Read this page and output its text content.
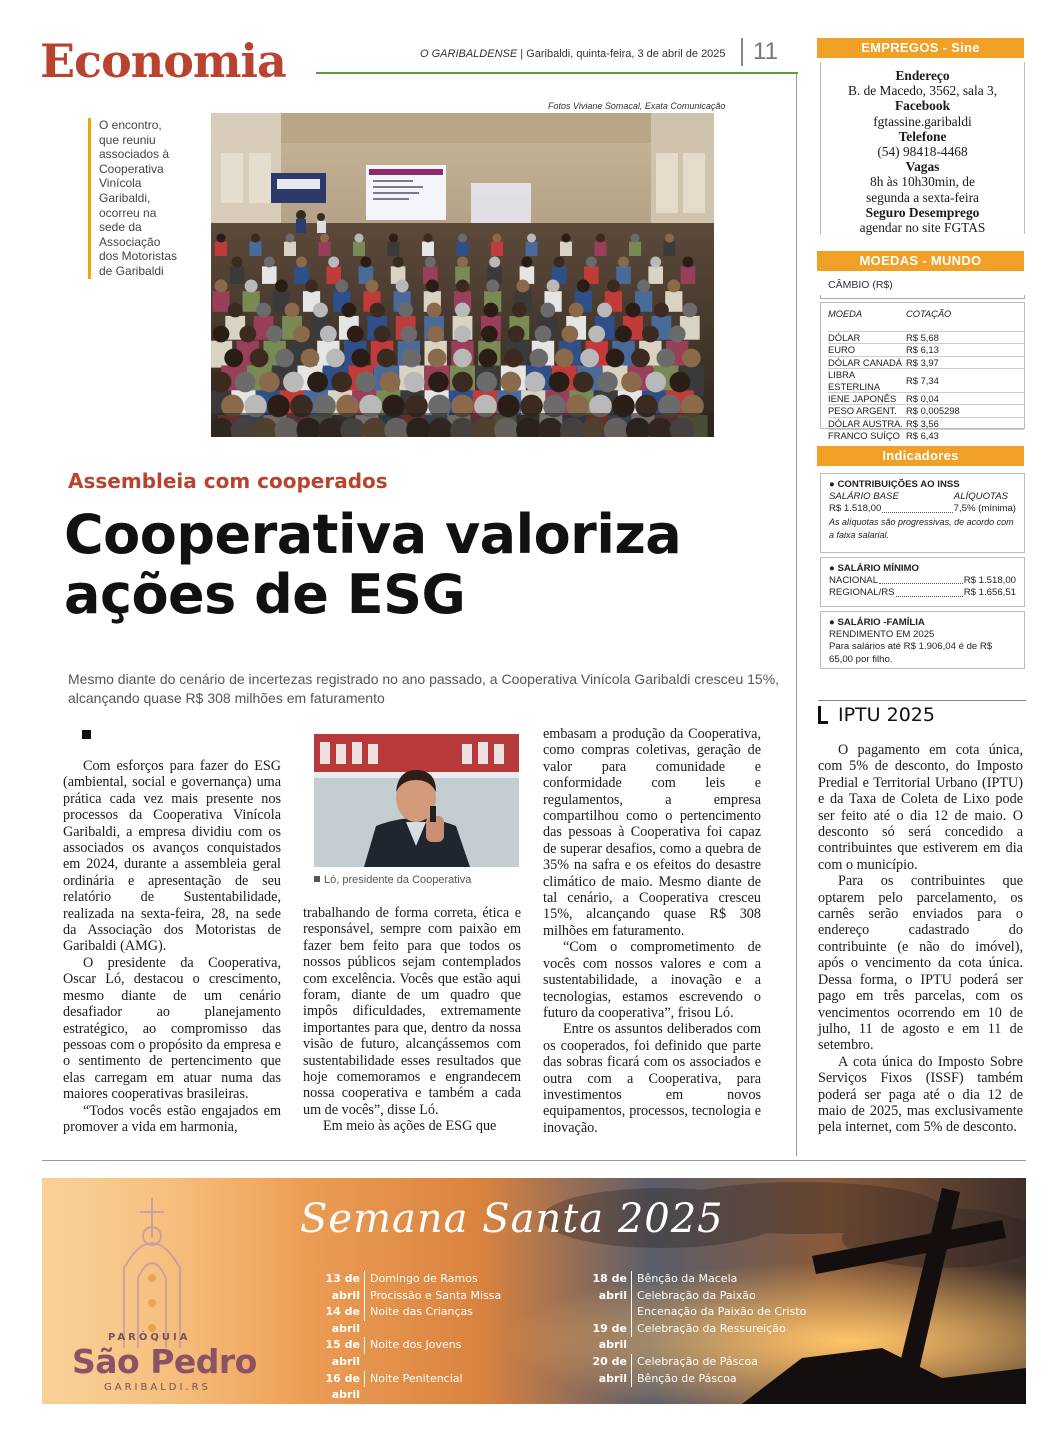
Economia	O GARIBALDENSE | Garibaldi, quinta-feira, 3 de abril de 2025	11
O encontro, que reuniu associados à Cooperativa Vinícola Garibaldi, ocorreu na sede da Associação dos Motoristas de Garibaldi
Fotos Viviane Somacal, Exata Comunicação
Assembleia com cooperados
Cooperativa valoriza
ações de ESG
Mesmo diante do cenário de incertezas registrado no ano passado, a Cooperativa Vinícola Garibaldi cresceu 15%, alcançando quase R$ 308 milhões em faturamento

Com esforços para fazer do ESG (ambiental, social e governança) uma prática cada vez mais presente nos processos da Cooperativa Vinícola Garibaldi, a empresa dividiu com os associados os avanços conquistados em 2024, durante a assembleia geral ordinária e apresentação de seu relatório de Sustentabilidade, realizada na sexta-feira, 28, na sede da Associação dos Motoristas de Garibaldi (AMG).

O presidente da Cooperativa, Oscar Ló, destacou o crescimento, mesmo diante de um cenário desafiador ao planejamento estratégico, ao compromisso das pessoas com o propósito da empresa e o sentimento de pertencimento que elas carregam em atuar numa das maiores cooperativas brasileiras.

“Todos vocês estão engajados em promover a vida em harmonia,

Ló, presidente da Cooperativa

trabalhando de forma correta, ética e responsável, sempre com paixão em fazer bem feito para que todos os nossos públicos sejam contemplados com excelência. Vocês que estão aqui foram, diante de um quadro que impôs dificuldades, extremamente importantes para que, dentro da nossa visão de futuro, alcançássemos com sustentabilidade esses resultados que hoje comemoramos e engrandecem nossa cooperativa e também a cada um de vocês”, disse Ló.

Em meio às ações de ESG que

embasam a produção da Cooperativa, como compras coletivas, geração de valor para comunidade e conformidade com leis e regulamentos, a empresa compartilhou como o pertencimento das pessoas à Cooperativa foi capaz de superar desafios, como a quebra de 35% na safra e os efeitos do desastre climático de maio. Mesmo diante de tal cenário, a Cooperativa cresceu 15%, alcançando quase R$ 308 milhões em faturamento.

“Com o comprometimento de vocês com nossos valores e com a sustentabilidade, a inovação e a tecnologias, estamos escrevendo o futuro da cooperativa”, frisou Ló.

Entre os assuntos deliberados com os cooperados, foi definido que parte das sobras ficará com os associados e outra com a Cooperativa, para investimentos em novos equipamentos, processos, tecnologia e inovação.

EMPREGOS - Sine
Endereço
B. de Macedo, 3562, sala 3,
Facebook
fgtassine.garibaldi
Telefone
(54) 98418-4468
Vagas
8h às 10h30min, de
segunda a sexta-feira
Seguro Desemprego
agendar no site FGTAS
MOEDAS - MUNDO
CÂMBIO (R$)
MOEDA	COTAÇÃO
DÓLAR	R$ 5,68
EURO	R$ 6,13
DÓLAR CANADÁ	R$ 3,97
LIBRA ESTERLINA	R$ 7,34
IENE JAPONÊS	R$ 0,04
PESO ARGENT.	R$ 0,005298
DÓLAR AUSTRA.	R$ 3,56
FRANCO SUÍÇO	R$ 6,43
Indicadores
● CONTRIBUIÇÕES AO INSS
SALÁRIO BASE	ALÍQUOTAS
R$ 1.518,00	7,5% (mínima)
As alíquotas são progressivas, de acordo com a faixa salarial.
● SALÁRIO MÍNIMO
NACIONAL	R$ 1.518,00
REGIONAL/RS	R$ 1.656,51
● SALÁRIO -FAMÍLIA
RENDIMENTO EM 2025
Para salários até R$ 1.906,04 é de R$ 65,00 por filho.
IPTU 2025

O pagamento em cota única, com 5% de desconto, do Imposto Predial e Territorial Urbano (IPTU) e da Taxa de Coleta de Lixo pode ser feito até o dia 12 de maio. O desconto só será concedido a contribuintes que estiverem em dia com o município.

Para os contribuintes que optarem pelo parcelamento, os carnês serão enviados para o endereço cadastrado do contribuinte (e não do imóvel), após o vencimento da cota única. Dessa forma, o IPTU poderá ser pago em três parcelas, com os vencimentos ocorrendo em 10 de julho, 11 de agosto e em 11 de setembro.

A cota única do Imposto Sobre Serviços Fixos (ISSF) também poderá ser paga até o dia 12 de maio de 2025, mas exclusivamente pela internet, com 5% de desconto.

Semana Santa 2025
13 de abril
Domingo de Ramos
Procissão e Santa Missa
14 de abril
Noite das Crianças
15 de abril
Noite dos Jovens
16 de abril
Noite Penitencial
17 de abril
Unção dos Doentes
Lava-pés
18 de abril
Bênção da Macela
Celebração da Paixão
Encenação da Paixão de Cristo
19 de abril
Celebração da Ressureição
20 de abril
Celebração de Páscoa
Bênção de Páscoa
PARÓQUIA
São Pedro
GARIBALDI.RS
